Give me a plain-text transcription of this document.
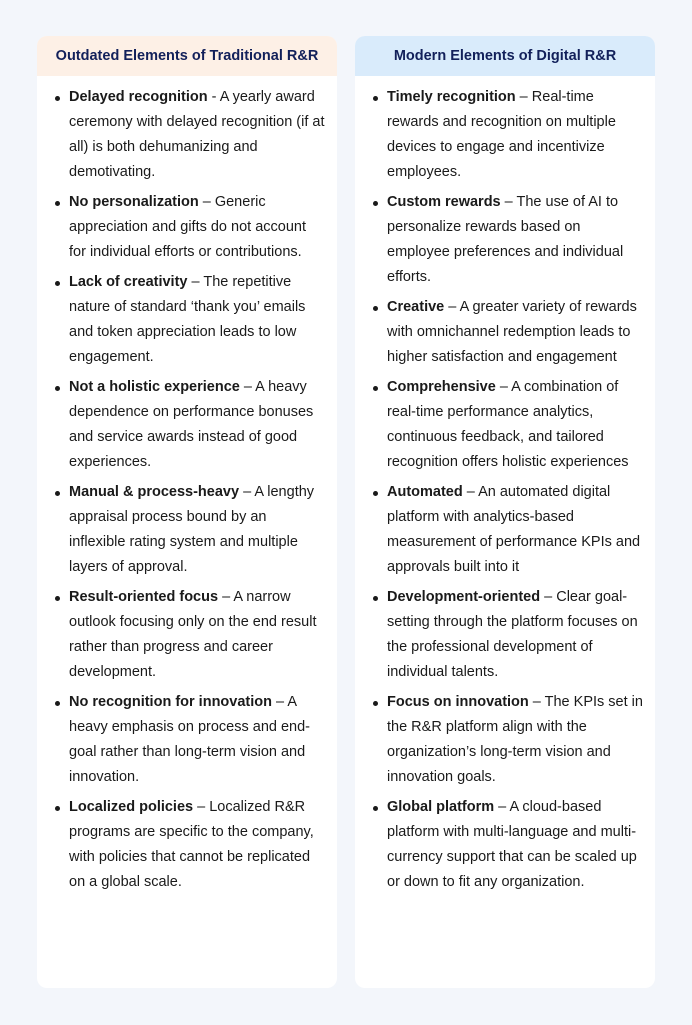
Outdated Elements of Traditional R&R
Delayed recognition - A yearly award ceremony with delayed recognition (if at all) is both dehumanizing and demotivating.
No personalization – Generic appreciation and gifts do not account for individual efforts or contributions.
Lack of creativity – The repetitive nature of standard ‘thank you’ emails and token appreciation leads to low engagement.
Not a holistic experience – A heavy dependence on performance bonuses and service awards instead of good experiences.
Manual & process-heavy – A lengthy appraisal process bound by an inflexible rating system and multiple layers of approval.
Result-oriented focus – A narrow outlook focusing only on the end result rather than progress and career development.
No recognition for innovation – A heavy emphasis on process and end-goal rather than long-term vision and innovation.
Localized policies – Localized R&R programs are specific to the company, with policies that cannot be replicated on a global scale.
Modern Elements of Digital R&R
Timely recognition – Real-time rewards and recognition on multiple devices to engage and incentivize employees.
Custom rewards – The use of AI to personalize rewards based on employee preferences and individual efforts.
Creative – A greater variety of rewards with omnichannel redemption leads to higher satisfaction and engagement
Comprehensive – A combination of real-time performance analytics, continuous feedback, and tailored recognition offers holistic experiences
Automated – An automated digital platform with analytics-based measurement of performance KPIs and approvals built into it
Development-oriented – Clear goal-setting through the platform focuses on the professional development of individual talents.
Focus on innovation – The KPIs set in the R&R platform align with the organization’s long-term vision and innovation goals.
Global platform – A cloud-based platform with multi-language and multi-currency support that can be scaled up or down to fit any organization.
